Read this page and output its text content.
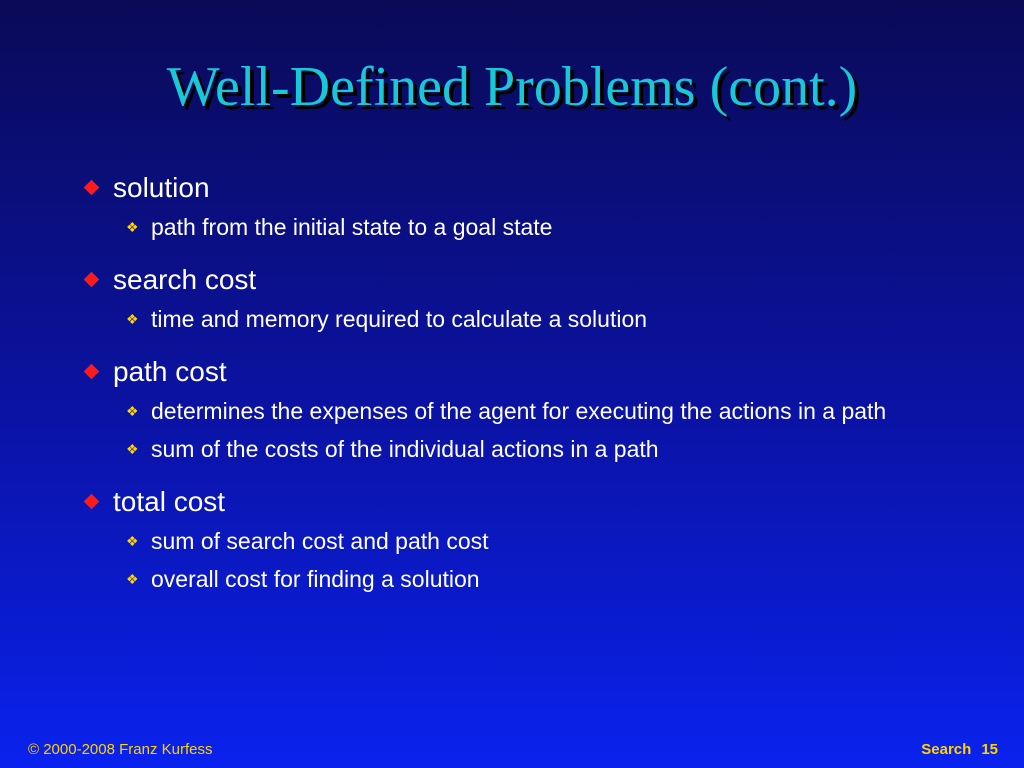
Well-Defined Problems (cont.)
solution
❖ path from the initial state to a goal state
search cost
❖ time and memory required to calculate a solution
path cost
❖ determines the expenses of the agent for executing the actions in a path
❖ sum of the costs of the individual actions in a path
total cost
❖ sum of search cost and path cost
❖ overall cost for finding a solution
© 2000-2008 Franz Kurfess	Search 15
